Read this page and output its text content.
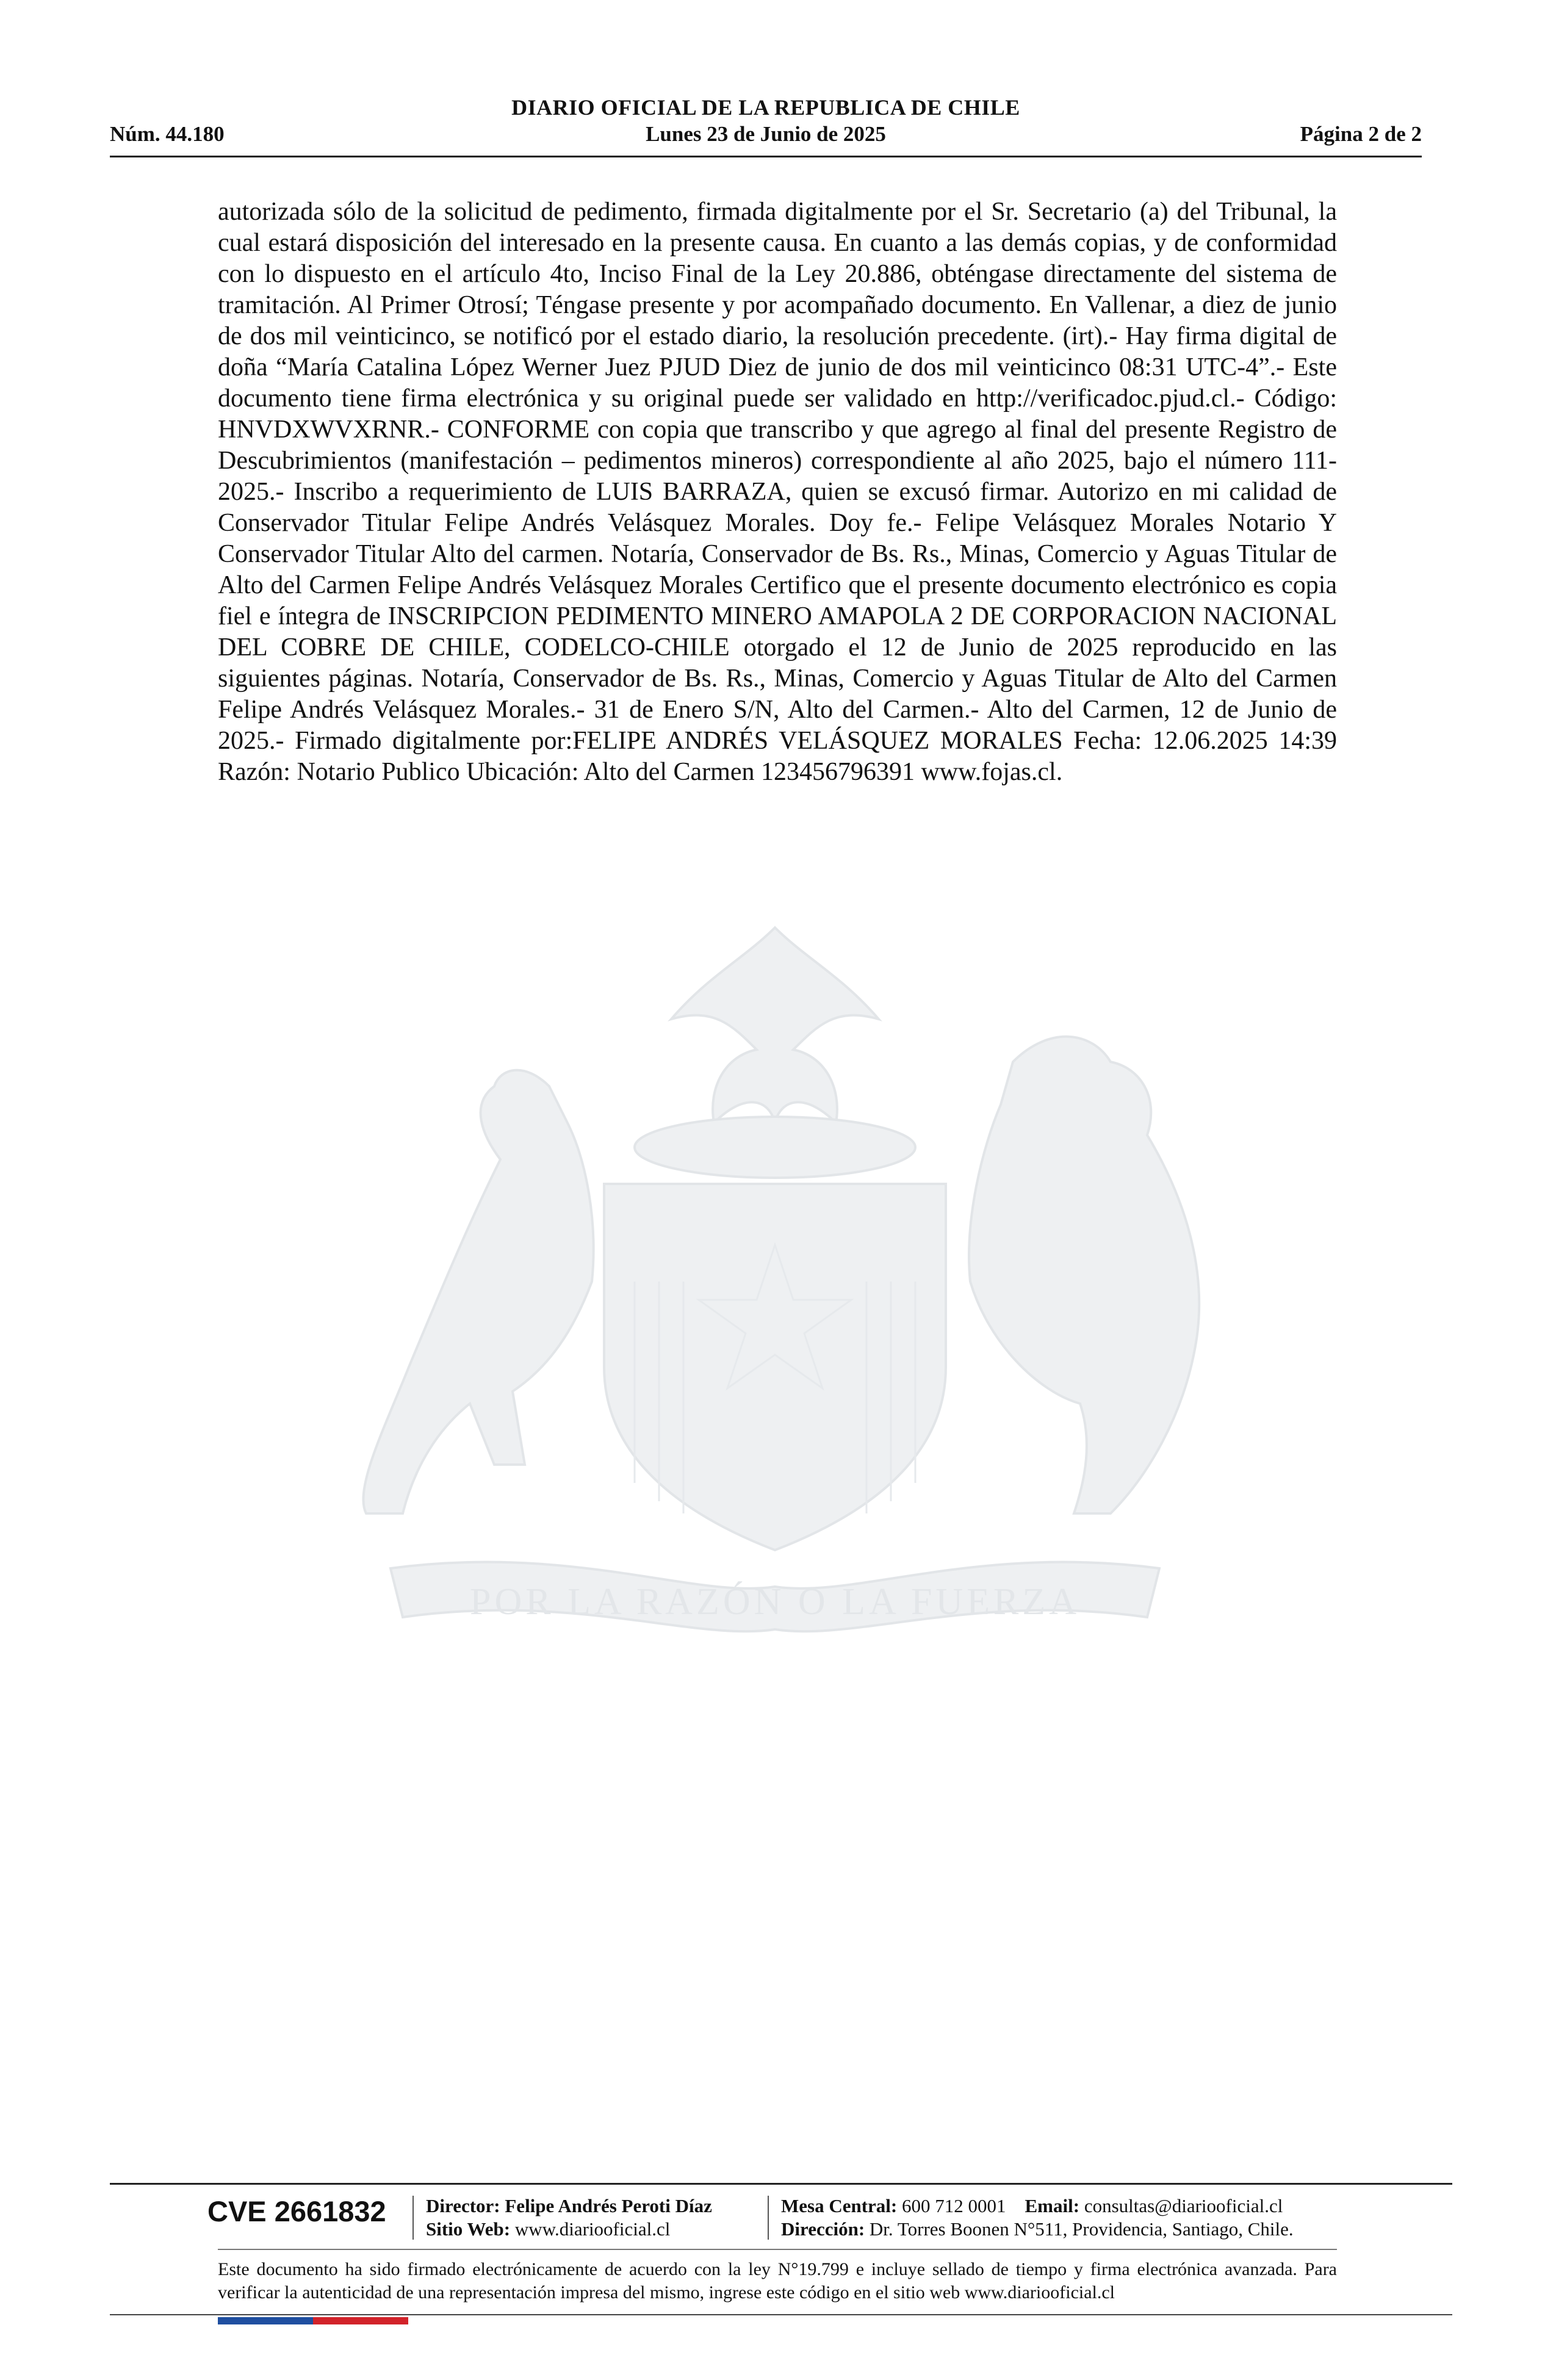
DIARIO OFICIAL DE LA REPUBLICA DE CHILE
Núm. 44.180	Lunes 23 de Junio de 2025	Página 2 de 2

autorizada sólo de la solicitud de pedimento, firmada digitalmente por el Sr. Secretario (a) del Tribunal, la cual estará disposición del interesado en la presente causa. En cuanto a las demás copias, y de conformidad con lo dispuesto en el artículo 4to, Inciso Final de la Ley 20.886, obténgase directamente del sistema de tramitación. Al Primer Otrosí; Téngase presente y por acompañado documento. En Vallenar, a diez de junio de dos mil veinticinco, se notificó por el estado diario, la resolución precedente. (irt).- Hay firma digital de doña “María Catalina López Werner Juez PJUD Diez de junio de dos mil veinticinco 08:31 UTC-4”.- Este documento tiene firma electrónica y su original puede ser validado en http://verificadoc.pjud.cl.- Código: HNVDXWVXRNR.- CONFORME con copia que transcribo y que agrego al final del presente Registro de Descubrimientos (manifestación – pedimentos mineros) correspondiente al año 2025, bajo el número 111-2025.- Inscribo a requerimiento de LUIS BARRAZA, quien se excusó firmar. Autorizo en mi calidad de Conservador Titular Felipe Andrés Velásquez Morales. Doy fe.- Felipe Velásquez Morales Notario Y Conservador Titular Alto del carmen. Notaría, Conservador de Bs. Rs., Minas, Comercio y Aguas Titular de Alto del Carmen Felipe Andrés Velásquez Morales Certifico que el presente documento electrónico es copia fiel e íntegra de INSCRIPCION PEDIMENTO MINERO AMAPOLA 2 DE CORPORACION NACIONAL DEL COBRE DE CHILE, CODELCO-CHILE otorgado el 12 de Junio de 2025 reproducido en las siguientes páginas. Notaría, Conservador de Bs. Rs., Minas, Comercio y Aguas Titular de Alto del Carmen Felipe Andrés Velásquez Morales.- 31 de Enero S/N, Alto del Carmen.- Alto del Carmen, 12 de Junio de 2025.- Firmado digitalmente por:FELIPE ANDRÉS VELÁSQUEZ MORALES Fecha: 12.06.2025 14:39 Razón: Notario Publico Ubicación: Alto del Carmen 123456796391 www.fojas.cl.

POR LA RAZÓN O LA FUERZA
CVE 2661832	Director: Felipe Andrés Peroti Díaz
Sitio Web: www.diariooficial.cl
Mesa Central: 600 712 0001 Email: consultas@diariooficial.cl
Dirección: Dr. Torres Boonen N°511, Providencia, Santiago, Chile.
Este documento ha sido firmado electrónicamente de acuerdo con la ley N°19.799 e incluye sellado de tiempo y firma electrónica avanzada. Para verificar la autenticidad de una representación impresa del mismo, ingrese este código en el sitio web www.diariooficial.cl
